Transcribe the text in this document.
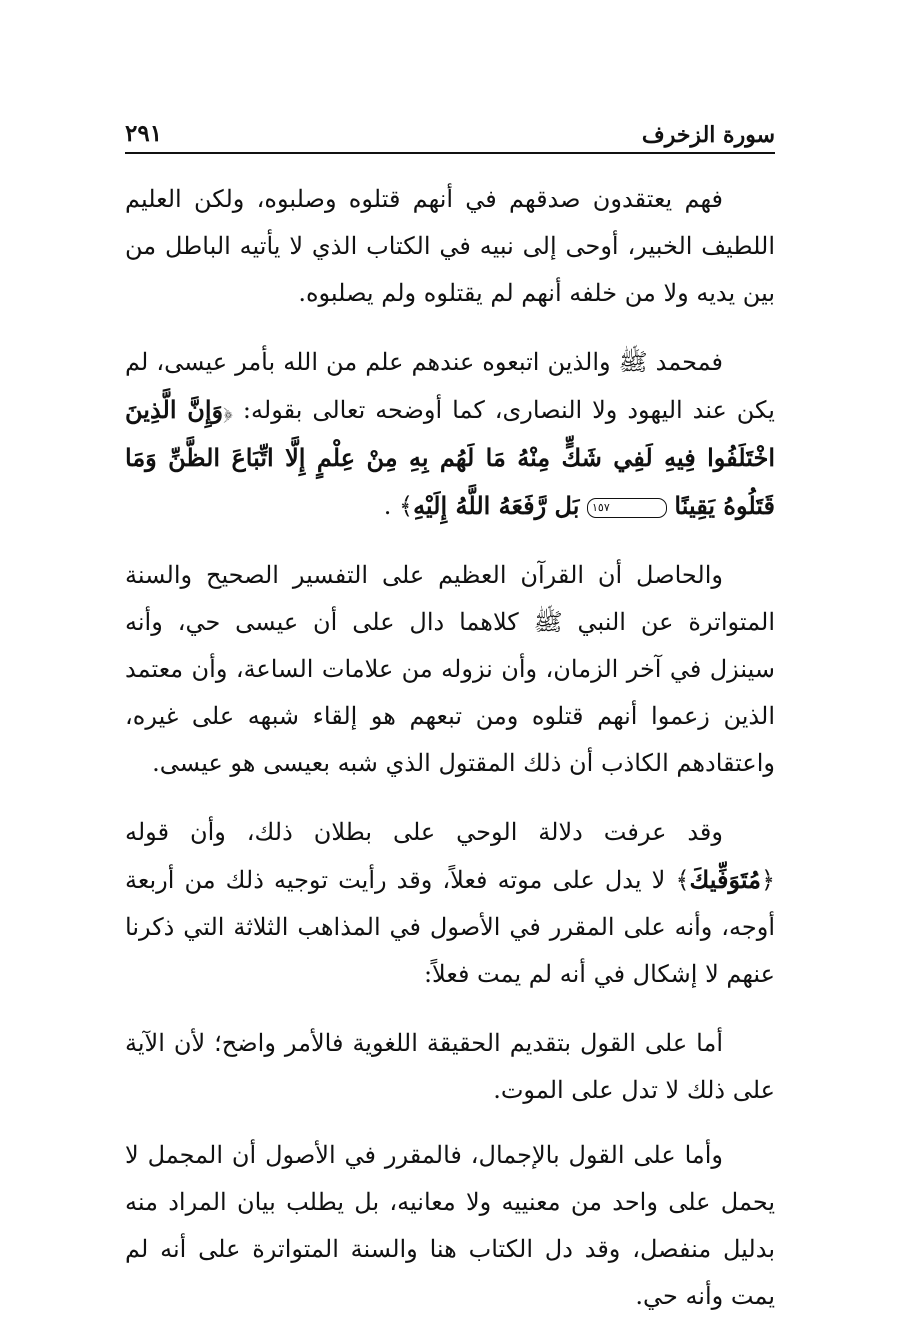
سورة الزخرف
٢٩١

فهم يعتقدون صدقهم في أنهم قتلوه وصلبوه، ولكن العليم اللطيف الخبير، أوحى إلى نبيه في الكتاب الذي لا يأتيه الباطل من بين يديه ولا من خلفه أنهم لم يقتلوه ولم يصلبوه.

فمحمد ﷺ والذين اتبعوه عندهم علم من الله بأمر عيسى، لم يكن عند اليهود ولا النصارى، كما أوضحه تعالى بقوله: ﴿وَإِنَّ الَّذِينَ اخْتَلَفُوا فِيهِ لَفِي شَكٍّ مِنْهُ مَا لَهُم بِهِ مِنْ عِلْمٍ إِلَّا اتِّبَاعَ الظَّنِّ وَمَا قَتَلُوهُ يَقِينًا ١٥٧ بَل رَّفَعَهُ اللَّهُ إِلَيْهِ﴾ .

والحاصل أن القرآن العظيم على التفسير الصحيح والسنة المتواترة عن النبي ﷺ كلاهما دال على أن عيسى حي، وأنه سينزل في آخر الزمان، وأن نزوله من علامات الساعة، وأن معتمد الذين زعموا أنهم قتلوه ومن تبعهم هو إلقاء شبهه على غيره، واعتقادهم الكاذب أن ذلك المقتول الذي شبه بعيسى هو عيسى.

وقد عرفت دلالة الوحي على بطلان ذلك، وأن قوله ﴿مُتَوَفِّيكَ﴾ لا يدل على موته فعلاً، وقد رأيت توجيه ذلك من أربعة أوجه، وأنه على المقرر في الأصول في المذاهب الثلاثة التي ذكرنا عنهم لا إشكال في أنه لم يمت فعلاً:

أما على القول بتقديم الحقيقة اللغوية فالأمر واضح؛ لأن الآية على ذلك لا تدل على الموت.

وأما على القول بالإجمال، فالمقرر في الأصول أن المجمل لا يحمل على واحد من معنييه ولا معانيه، بل يطلب بيان المراد منه بدليل منفصل، وقد دل الكتاب هنا والسنة المتواترة على أنه لم يمت وأنه حي.
